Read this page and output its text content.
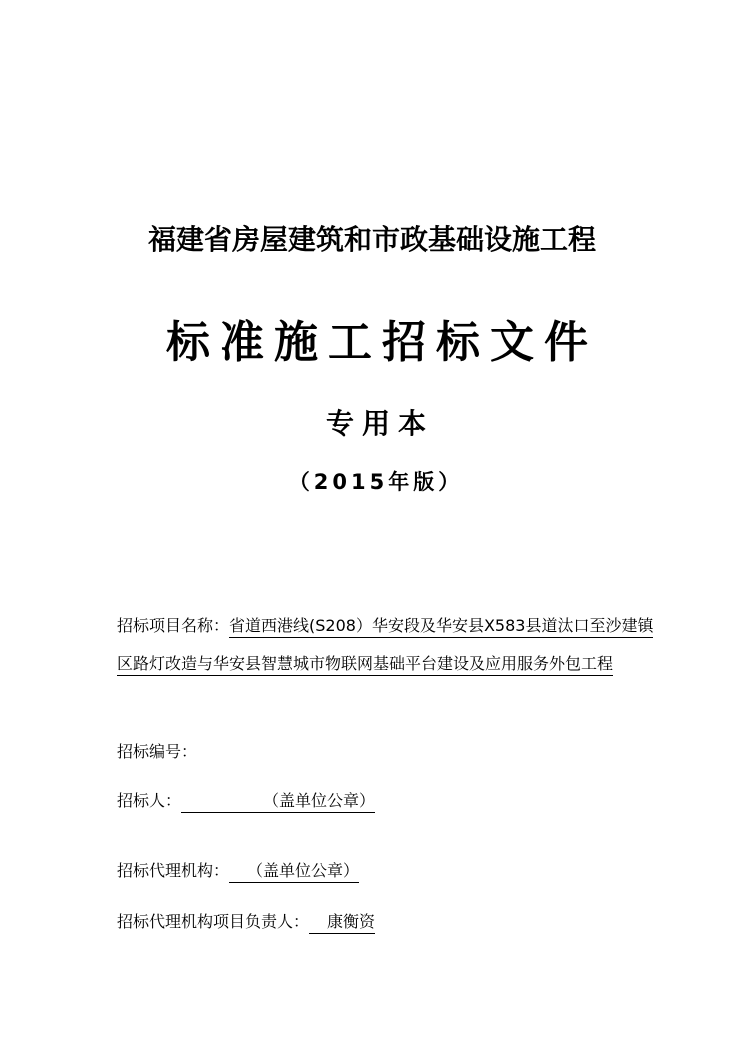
福建省房屋建筑和市政基础设施工程
标准施工招标文件
专用本
（2015年版）
招标项目名称：省道西港线(S208）华安段及华安县X583县道汰口至沙建镇
区路灯改造与华安县智慧城市物联网基础平台建设及应用服务外包工程
招标编号：
招标人：	（盖单位公章）
招标代理机构： （盖单位公章）
招标代理机构项目负责人： 康衡资
